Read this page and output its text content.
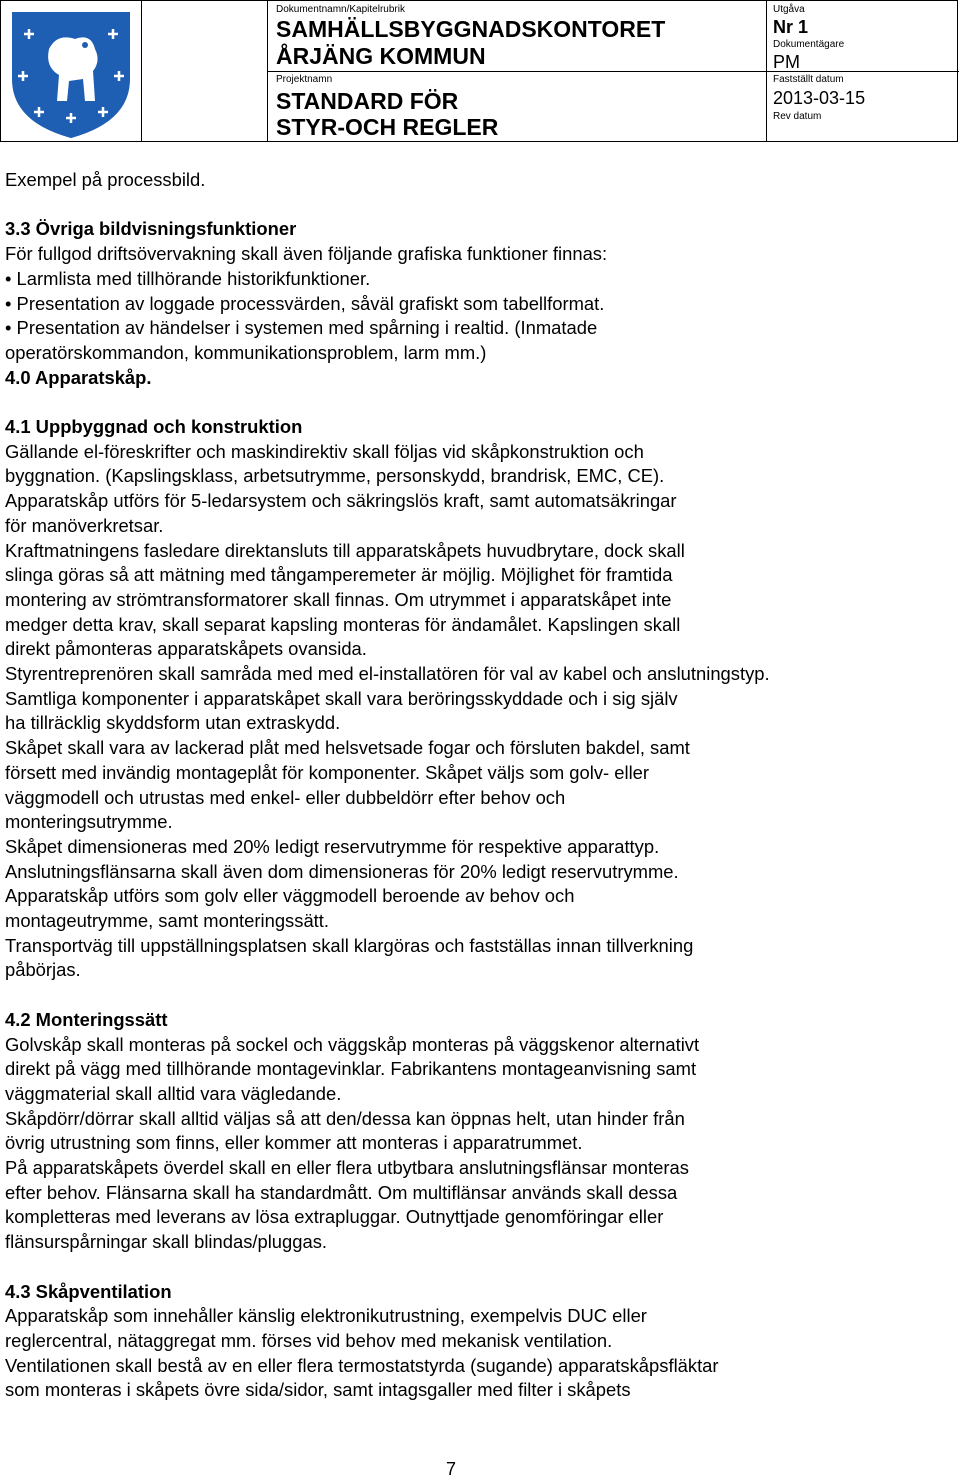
Dokumentnamn/Kapitelrubrik
SAMHÄLLSBYGGNADSKONTORET
ÅRJÄNG KOMMUN
Projektnamn
STANDARD FÖR
STYR-OCH REGLER
Utgåva
Nr 1
Dokumentägare
PM
Fastställt datum
2013-03-15
Rev datum

Exempel på processbild.

3.3 Övriga bildvisningsfunktioner

För fullgod driftsövervakning skall även följande grafiska funktioner finnas:

• Larmlista med tillhörande historikfunktioner.

• Presentation av loggade processvärden, såväl grafiskt som tabellformat.

• Presentation av händelser i systemen med spårning i realtid. (Inmatade

operatörskommandon, kommunikationsproblem, larm mm.)

4.0 Apparatskåp.

4.1 Uppbyggnad och konstruktion

Gällande el-föreskrifter och maskindirektiv skall följas vid skåpkonstruktion och

byggnation. (Kapslingsklass, arbetsutrymme, personskydd, brandrisk, EMC, CE).

Apparatskåp utförs för 5-ledarsystem och säkringslös kraft, samt automatsäkringar

för manöverkretsar.

Kraftmatningens fasledare direktansluts till apparatskåpets huvudbrytare, dock skall

slinga göras så att mätning med tångamperemeter är möjlig. Möjlighet för framtida

montering av strömtransformatorer skall finnas. Om utrymmet i apparatskåpet inte

medger detta krav, skall separat kapsling monteras för ändamålet. Kapslingen skall

direkt påmonteras apparatskåpets ovansida.

Styrentreprenören skall samråda med med el-installatören för val av kabel och anslutningstyp.

Samtliga komponenter i apparatskåpet skall vara beröringsskyddade och i sig själv

ha tillräcklig skyddsform utan extraskydd.

Skåpet skall vara av lackerad plåt med helsvetsade fogar och försluten bakdel, samt

försett med invändig montageplåt för komponenter. Skåpet väljs som golv- eller

väggmodell och utrustas med enkel- eller dubbeldörr efter behov och

monteringsutrymme.

Skåpet dimensioneras med 20% ledigt reservutrymme för respektive apparattyp.

Anslutningsflänsarna skall även dom dimensioneras för 20% ledigt reservutrymme.

Apparatskåp utförs som golv eller väggmodell beroende av behov och

montageutrymme, samt monteringssätt.

Transportväg till uppställningsplatsen skall klargöras och fastställas innan tillverkning

påbörjas.

4.2 Monteringssätt

Golvskåp skall monteras på sockel och väggskåp monteras på väggskenor alternativt

direkt på vägg med tillhörande montagevinklar. Fabrikantens montageanvisning samt

väggmaterial skall alltid vara vägledande.

Skåpdörr/dörrar skall alltid väljas så att den/dessa kan öppnas helt, utan hinder från

övrig utrustning som finns, eller kommer att monteras i apparatrummet.

På apparatskåpets överdel skall en eller flera utbytbara anslutningsflänsar monteras

efter behov. Flänsarna skall ha standardmått. Om multiflänsar används skall dessa

kompletteras med leverans av lösa extrapluggar. Outnyttjade genomföringar eller

flänsurspårningar skall blindas/pluggas.

4.3 Skåpventilation

Apparatskåp som innehåller känslig elektronikutrustning, exempelvis DUC eller

reglercentral, nätaggregat mm. förses vid behov med mekanisk ventilation.

Ventilationen skall bestå av en eller flera termostatstyrda (sugande) apparatskåpsfläktar

som monteras i skåpets övre sida/sidor, samt intagsgaller med filter i skåpets

7
